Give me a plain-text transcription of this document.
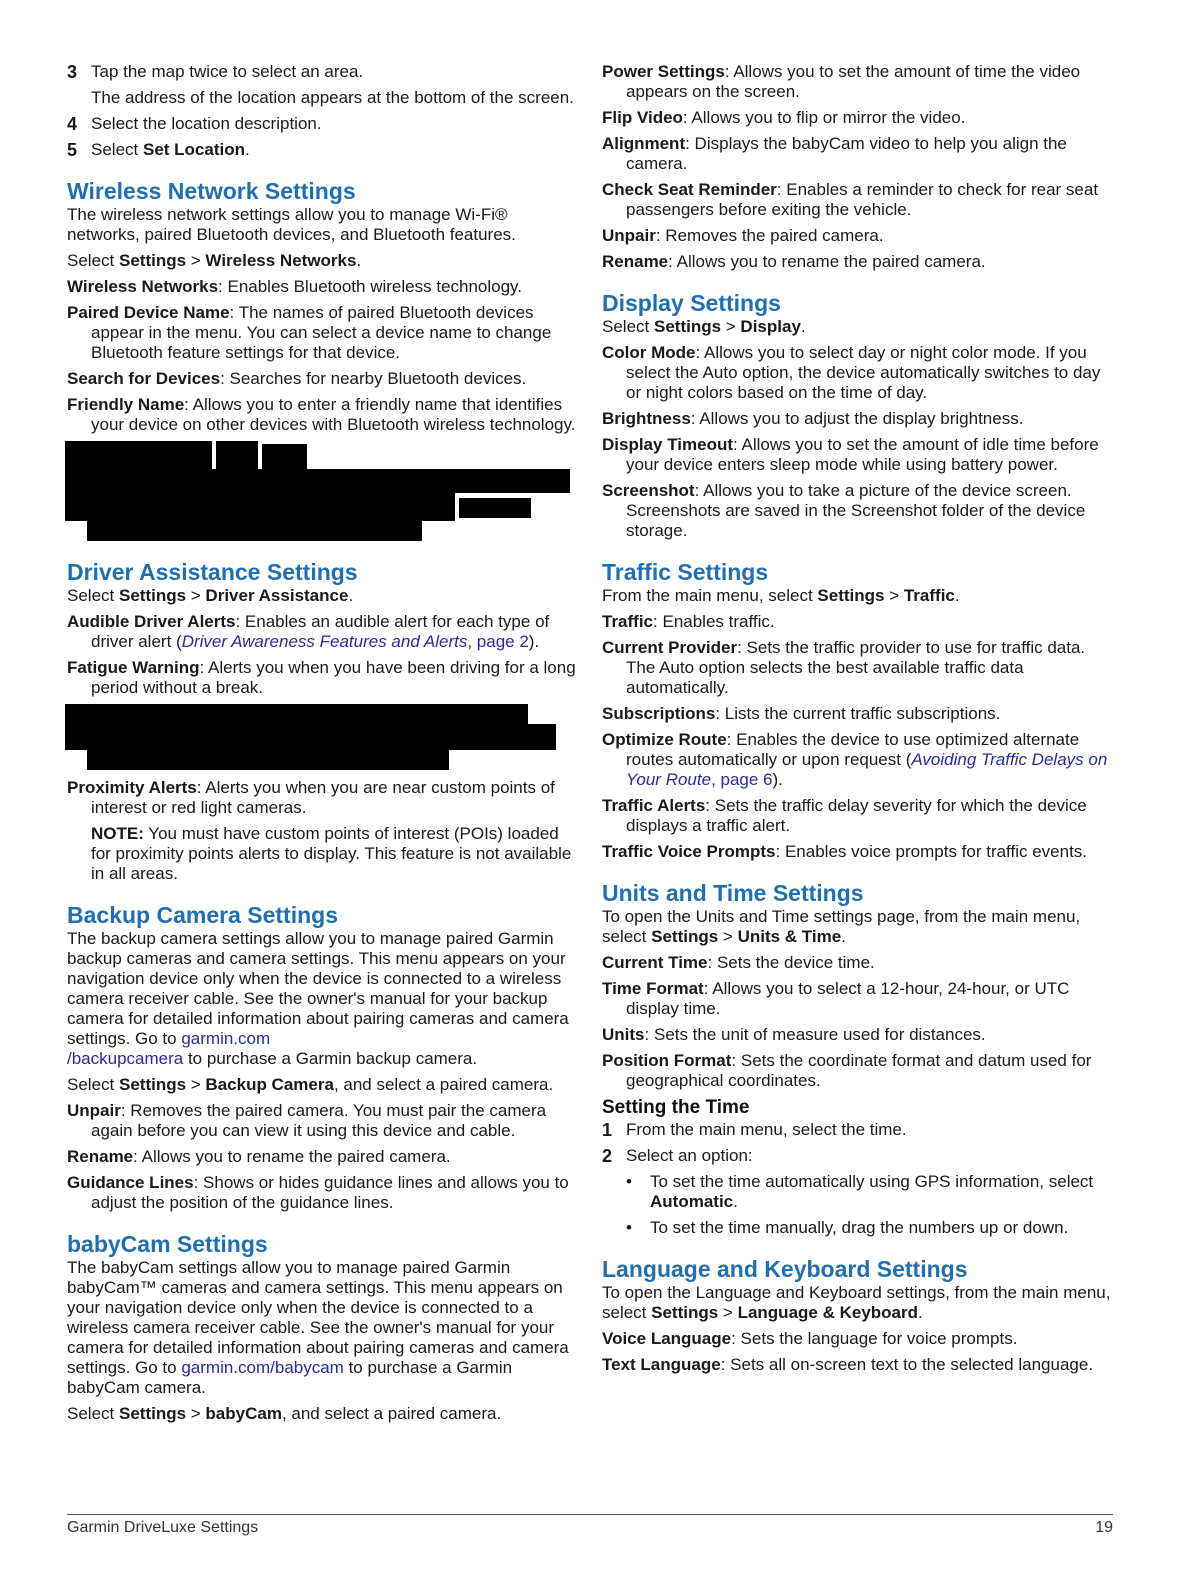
3 Tap the map twice to select an area.
The address of the location appears at the bottom of the screen.
4 Select the location description.
5 Select Set Location.
Wireless Network Settings

The wireless network settings allow you to manage Wi-Fi® networks, paired Bluetooth devices, and Bluetooth features.

Select Settings > Wireless Networks.

Wireless Networks: Enables Bluetooth wireless technology.

Paired Device Name: The names of paired Bluetooth devices appear in the menu. You can select a device name to change Bluetooth feature settings for that device.

Search for Devices: Searches for nearby Bluetooth devices.

Friendly Name: Allows you to enter a friendly name that identifies your device on other devices with Bluetooth wireless technology.

Driver Assistance Settings

Select Settings > Driver Assistance.

Audible Driver Alerts: Enables an audible alert for each type of driver alert (Driver Awareness Features and Alerts, page 2).

Fatigue Warning: Alerts you when you have been driving for a long period without a break.

Proximity Alerts: Alerts you when you are near custom points of interest or red light cameras.

NOTE: You must have custom points of interest (POIs) loaded for proximity points alerts to display. This feature is not available in all areas.

Backup Camera Settings

The backup camera settings allow you to manage paired Garmin backup cameras and camera settings. This menu appears on your navigation device only when the device is connected to a wireless camera receiver cable. See the owner's manual for your backup camera for detailed information about pairing cameras and camera settings. Go to garmin.com
/backupcamera to purchase a Garmin backup camera.

Select Settings > Backup Camera, and select a paired camera.

Unpair: Removes the paired camera. You must pair the camera again before you can view it using this device and cable.

Rename: Allows you to rename the paired camera.

Guidance Lines: Shows or hides guidance lines and allows you to adjust the position of the guidance lines.

babyCam Settings

The babyCam settings allow you to manage paired Garmin babyCam™ cameras and camera settings. This menu appears on your navigation device only when the device is connected to a wireless camera receiver cable. See the owner's manual for your camera for detailed information about pairing cameras and camera settings. Go to garmin.com/babycam to purchase a Garmin babyCam camera.

Select Settings > babyCam, and select a paired camera.

Power Settings: Allows you to set the amount of time the video appears on the screen.

Flip Video: Allows you to flip or mirror the video.

Alignment: Displays the babyCam video to help you align the camera.

Check Seat Reminder: Enables a reminder to check for rear seat passengers before exiting the vehicle.

Unpair: Removes the paired camera.

Rename: Allows you to rename the paired camera.

Display Settings

Select Settings > Display.

Color Mode: Allows you to select day or night color mode. If you select the Auto option, the device automatically switches to day or night colors based on the time of day.

Brightness: Allows you to adjust the display brightness.

Display Timeout: Allows you to set the amount of idle time before your device enters sleep mode while using battery power.

Screenshot: Allows you to take a picture of the device screen. Screenshots are saved in the Screenshot folder of the device storage.

Traffic Settings

From the main menu, select Settings > Traffic.

Traffic: Enables traffic.

Current Provider: Sets the traffic provider to use for traffic data. The Auto option selects the best available traffic data automatically.

Subscriptions: Lists the current traffic subscriptions.

Optimize Route: Enables the device to use optimized alternate routes automatically or upon request (Avoiding Traffic Delays on Your Route, page 6).

Traffic Alerts: Sets the traffic delay severity for which the device displays a traffic alert.

Traffic Voice Prompts: Enables voice prompts for traffic events.

Units and Time Settings

To open the Units and Time settings page, from the main menu, select Settings > Units & Time.

Current Time: Sets the device time.

Time Format: Allows you to select a 12-hour, 24-hour, or UTC display time.

Units: Sets the unit of measure used for distances.

Position Format: Sets the coordinate format and datum used for geographical coordinates.

Setting the Time
1 From the main menu, select the time.
2 Select an option:
• To set the time automatically using GPS information, select Automatic.
• To set the time manually, drag the numbers up or down.
Language and Keyboard Settings

To open the Language and Keyboard settings, from the main menu, select Settings > Language & Keyboard.

Voice Language: Sets the language for voice prompts.

Text Language: Sets all on-screen text to the selected language.

Garmin DriveLuxe Settings	19
